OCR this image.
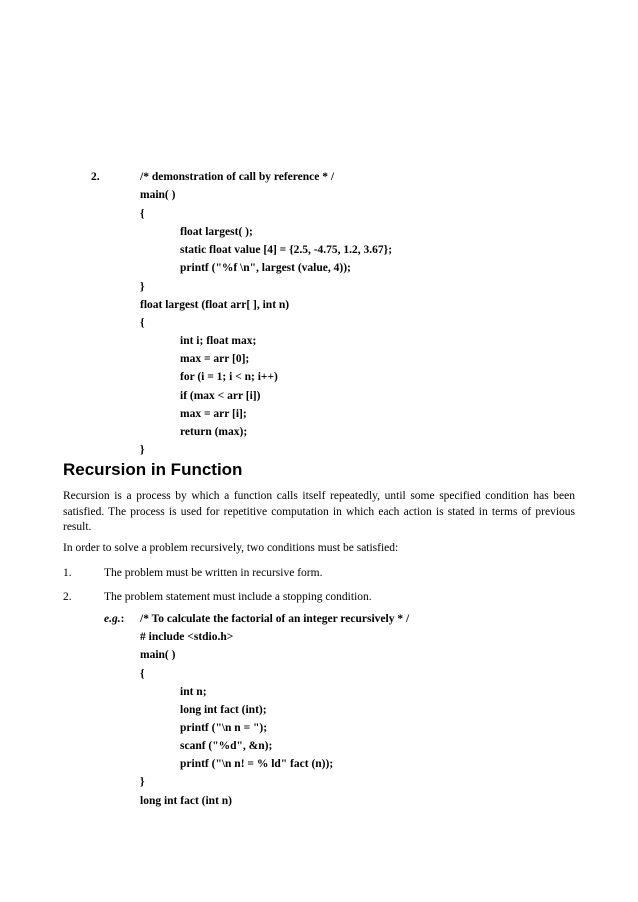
2.	/* demonstration of call by reference * /
main( )
{
float largest( );
static float value [4] = {2.5, -4.75, 1.2, 3.67};
printf ("%f \n", largest (value, 4));
}
float largest (float arr[ ], int n)
{
int i; float max;
max = arr [0];
for (i = 1; i < n; i++)
if (max < arr [i])
max = arr [i];
return (max);
}
Recursion in Function
Recursion is a process by which a function calls itself repeatedly, until some specified condition has been satisfied. The process is used for repetitive computation in which each action is stated in terms of previous result.
In order to solve a problem recursively, two conditions must be satisfied:
1.	The problem must be written in recursive form.
2.	The problem statement must include a stopping condition.
e.g.: /* To calculate the factorial of an integer recursively * /
# include <stdio.h>
main( )
{
int n;
long int fact (int);
printf ("\n n = ");
scanf ("%d", &n);
printf ("\n n! = % ld" fact (n));
}
long int fact (int n)
